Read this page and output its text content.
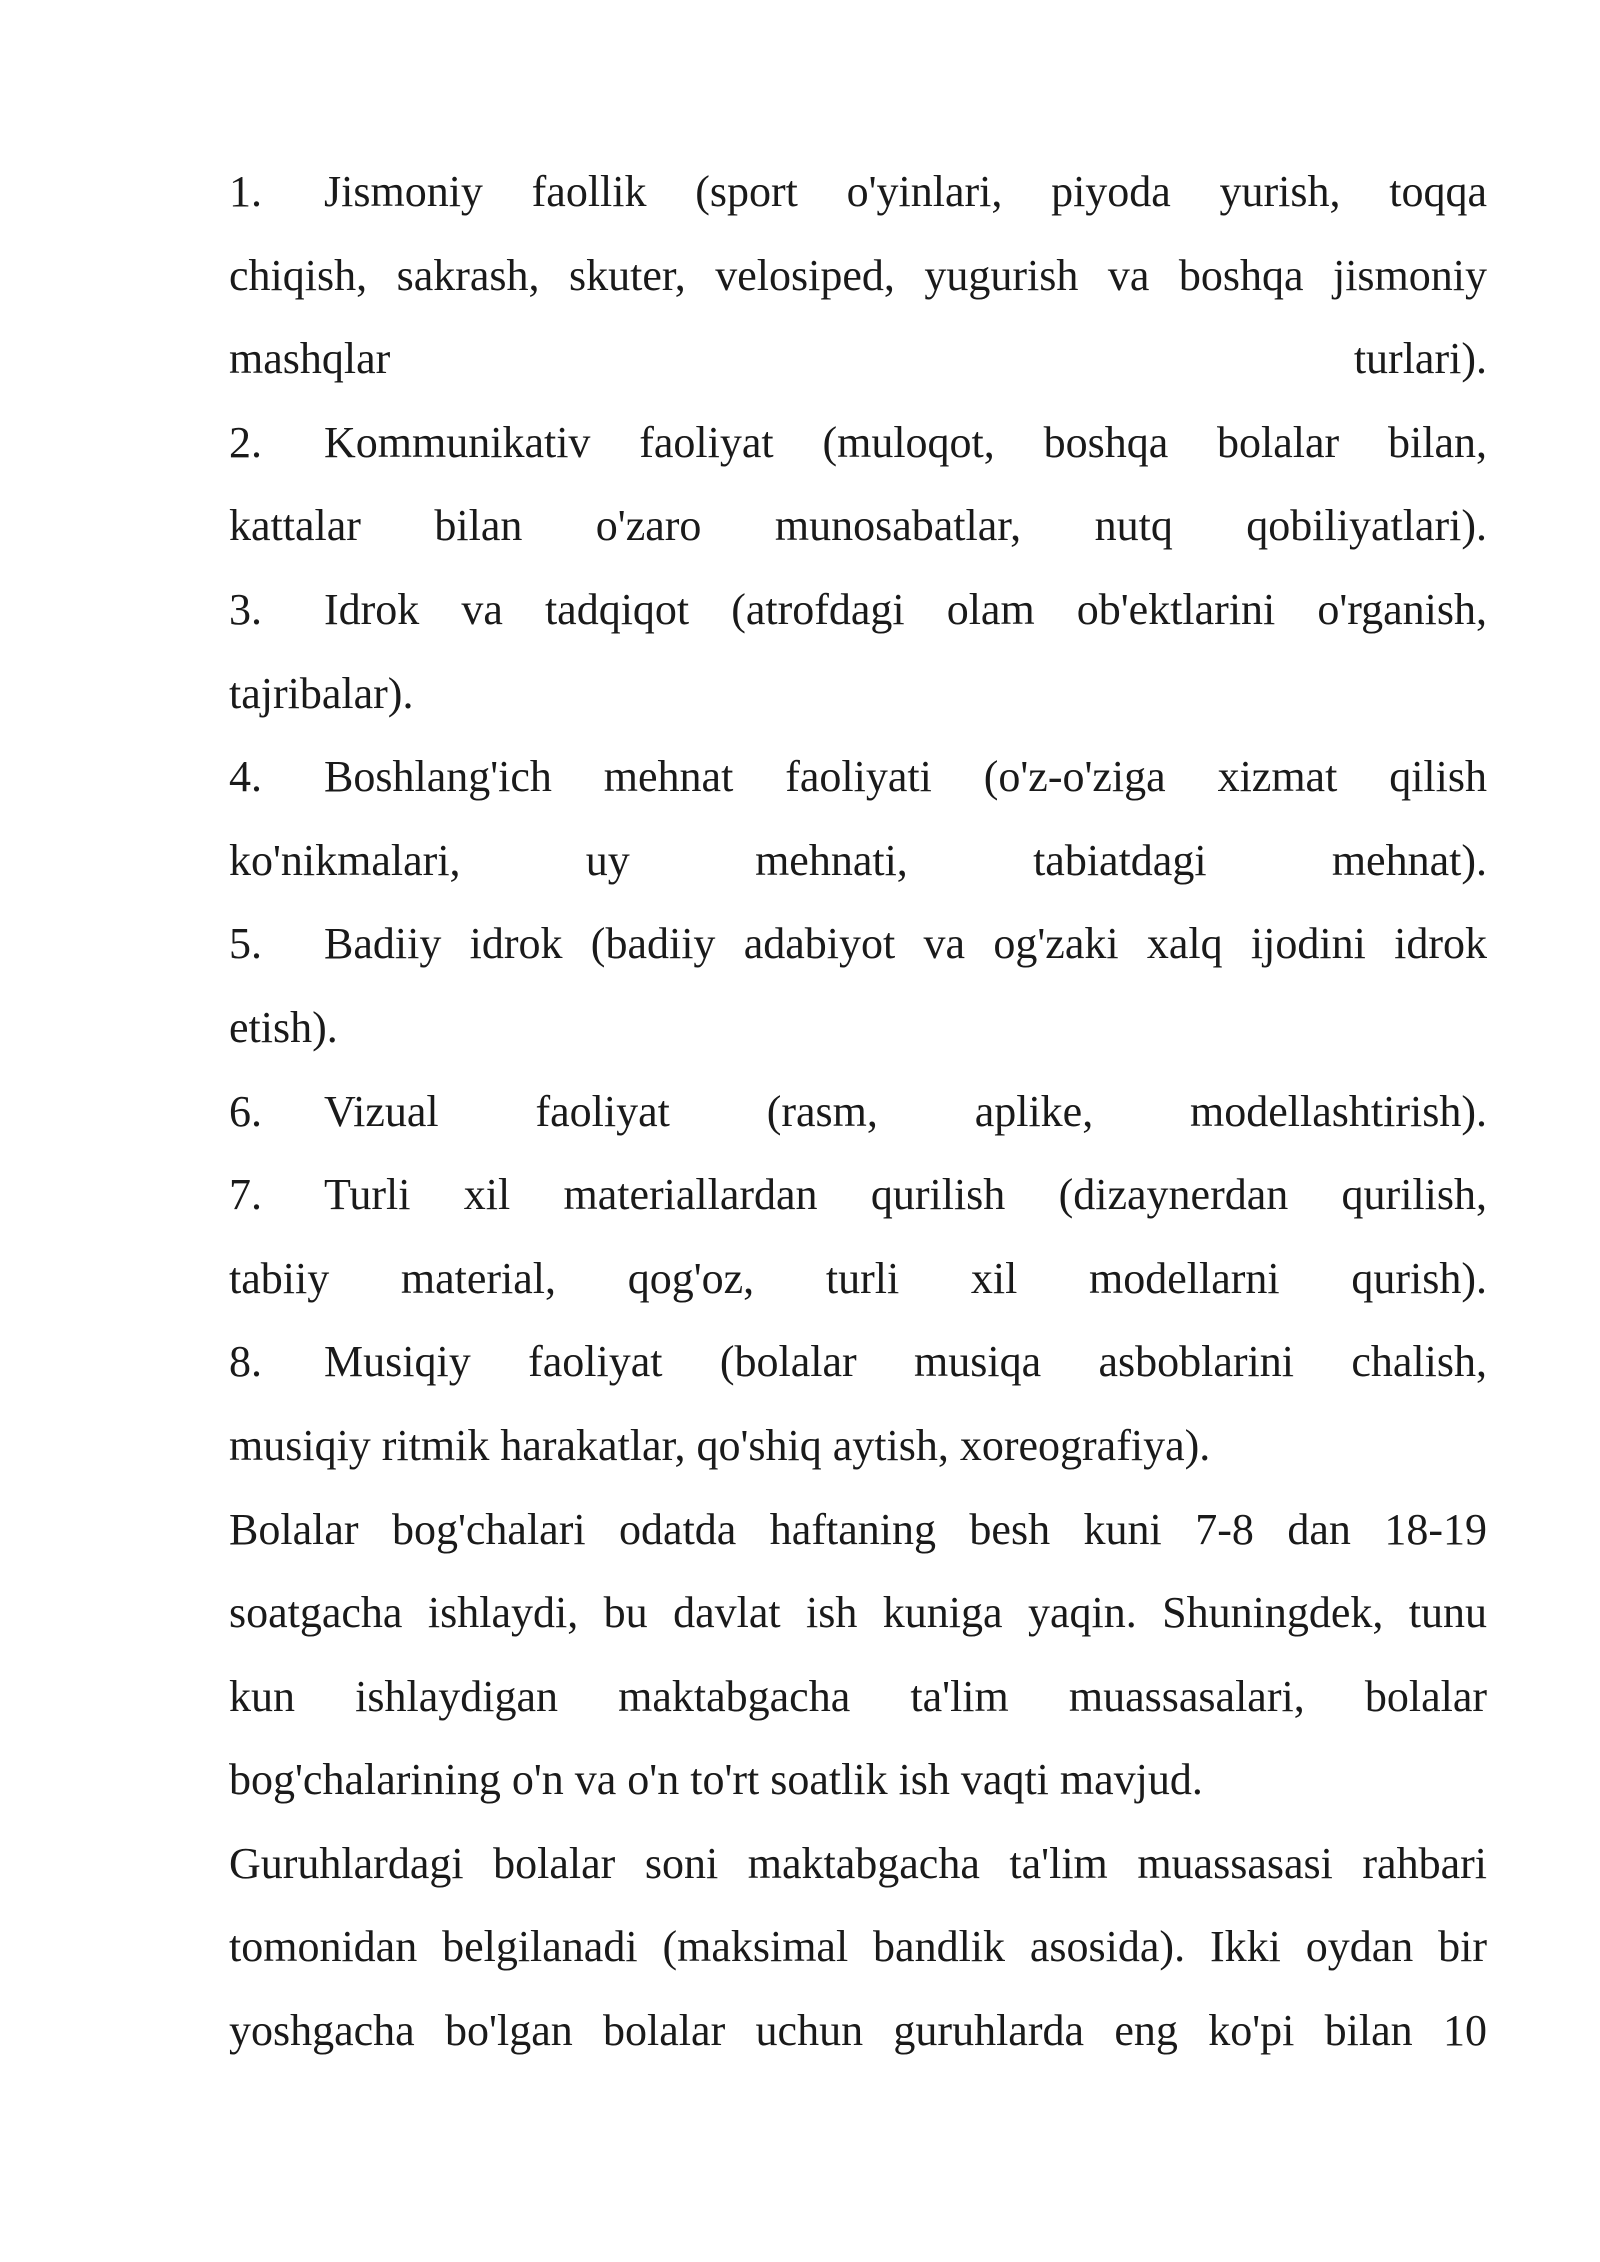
1.	Jismoniy faollik (sport o'yinlari, piyoda yurish, toqqa
chiqish, sakrash, skuter, velosiped, yugurish va boshqa jismoniy
mashqlar turlari).
2.	Kommunikativ faoliyat (muloqot, boshqa bolalar bilan,
kattalar bilan o'zaro munosabatlar, nutq qobiliyatlari).
3.	Idrok va tadqiqot (atrofdagi olam ob'ektlarini o'rganish,
tajribalar).
4.	Boshlang'ich mehnat faoliyati (o'z-o'ziga xizmat qilish
ko'nikmalari, uy mehnati, tabiatdagi mehnat).
5.	Badiiy idrok (badiiy adabiyot va og'zaki xalq ijodini idrok
etish).
6.	Vizual faoliyat (rasm, aplike, modellashtirish).
7.	Turli xil materiallardan qurilish (dizaynerdan qurilish,
tabiiy material, qog'oz, turli xil modellarni qurish).
8.	Musiqiy faoliyat (bolalar musiqa asboblarini chalish,
musiqiy ritmik harakatlar, qo'shiq aytish, xoreografiya).
Bolalar bog'chalari odatda haftaning besh kuni 7-8 dan 18-19
soatgacha ishlaydi, bu davlat ish kuniga yaqin. Shuningdek, tunu
kun ishlaydigan maktabgacha ta'lim muassasalari, bolalar
bog'chalarining o'n va o'n to'rt soatlik ish vaqti mavjud.
Guruhlardagi bolalar soni maktabgacha ta'lim muassasasi rahbari
tomonidan belgilanadi (maksimal bandlik asosida). Ikki oydan bir
yoshgacha bo'lgan bolalar uchun guruhlarda eng ko'pi bilan 10
